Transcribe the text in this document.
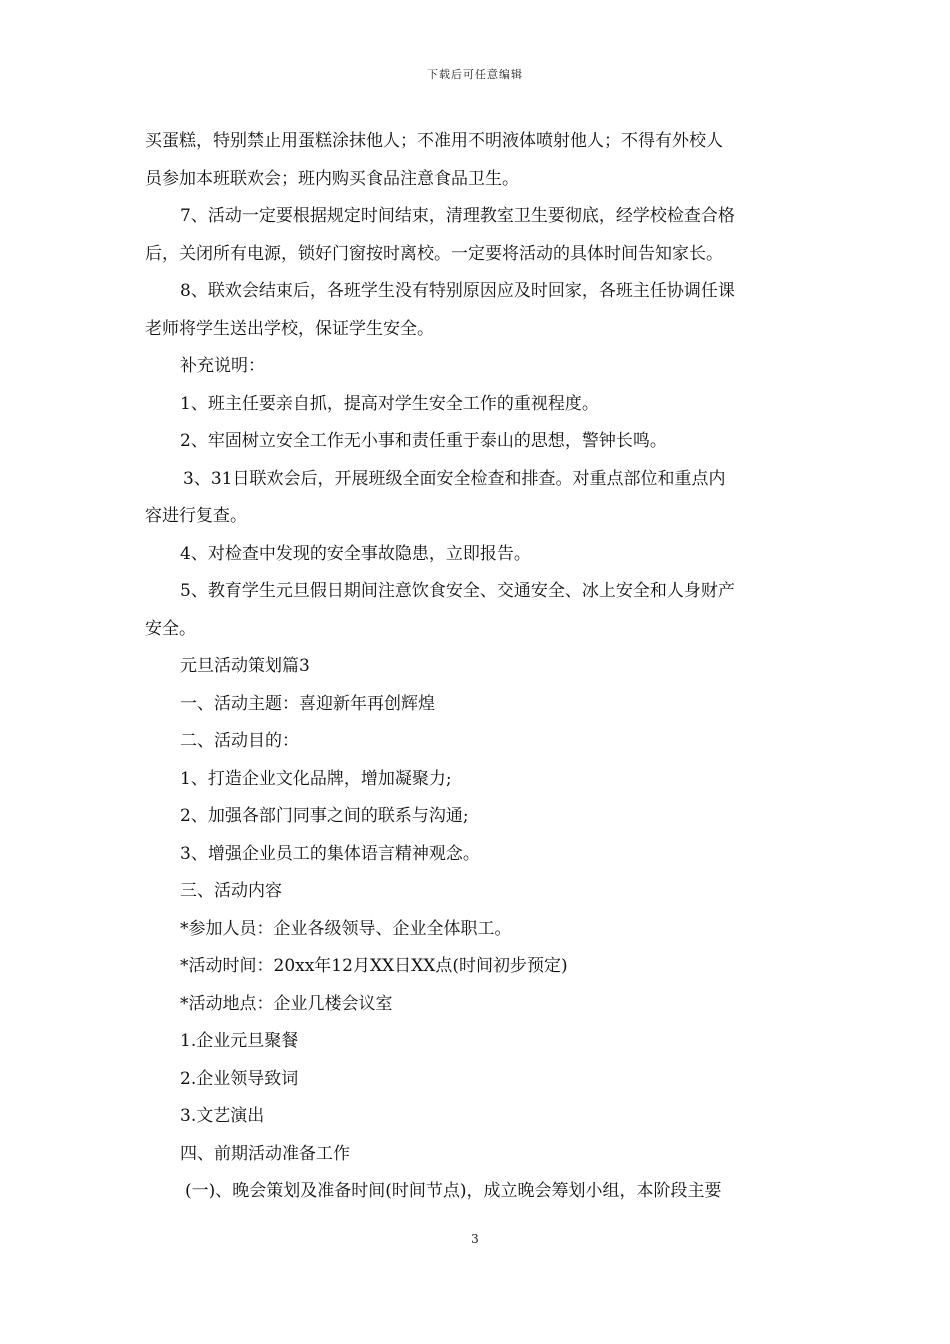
下载后可任意编辑
买蛋糕，特别禁止用蛋糕涂抹他人；不准用不明液体喷射他人；不得有外校人
员参加本班联欢会；班内购买食品注意食品卫生。
7、活动一定要根据规定时间结束，清理教室卫生要彻底，经学校检查合格
后，关闭所有电源，锁好门窗按时离校。一定要将活动的具体时间告知家长。
8、联欢会结束后，各班学生没有特别原因应及时回家，各班主任协调任课
老师将学生送出学校，保证学生安全。
补充说明：
1、班主任要亲自抓，提高对学生安全工作的重视程度。
2、牢固树立安全工作无小事和责任重于泰山的思想，警钟长鸣。
3、31日联欢会后，开展班级全面安全检查和排查。对重点部位和重点内
容进行复查。
4、对检查中发现的安全事故隐患，立即报告。
5、教育学生元旦假日期间注意饮食安全、交通安全、冰上安全和人身财产
安全。
元旦活动策划篇3
一、活动主题：喜迎新年再创辉煌
二、活动目的：
1、打造企业文化品牌，增加凝聚力;
2、加强各部门同事之间的联系与沟通;
3、增强企业员工的集体语言精神观念。
三、活动内容
*参加人员：企业各级领导、企业全体职工。
*活动时间：20xx年12月XX日XX点(时间初步预定)
*活动地点：企业几楼会议室
1.企业元旦聚餐
2.企业领导致词
3.文艺演出
四、前期活动准备工作
(一)、晚会策划及准备时间(时间节点)，成立晚会筹划小组，本阶段主要
3
